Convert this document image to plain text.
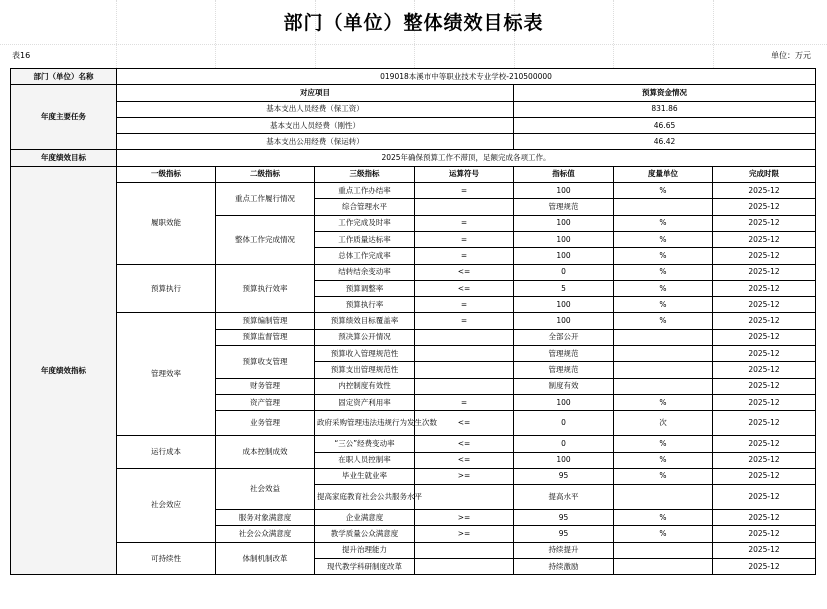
部门（单位）整体绩效目标表
表16	单位：万元
部门（单位）名称	019018本溪市中等职业技术专业学校-210500000						
年度主要任务	对应项目				预算资金情况		
	基本支出人员经费（保工资）				831.86		
	基本支出人员经费（刚性）				46.65		
	基本支出公用经费（保运转）				46.42		
年度绩效目标	2025年确保预算工作不滞顶，足额完成各项工作。						
年度绩效指标	一级指标	二级指标	三级指标	运算符号	指标值	度量单位	完成时限
	履职效能	重点工作履行情况	重点工作办结率	=	100	%	2025-12
			综合管理水平		管理规范		2025-12
		整体工作完成情况	工作完成及时率	=	100	%	2025-12
			工作质量达标率	=	100	%	2025-12
			总体工作完成率	=	100	%	2025-12
	预算执行	预算执行效率	结转结余变动率	<=	0	%	2025-12
			预算调整率	<=	5	%	2025-12
			预算执行率	=	100	%	2025-12
	管理效率	预算编制管理	预算绩效目标覆盖率	=	100	%	2025-12
		预算监督管理	预决算公开情况		全部公开		2025-12
		预算收支管理	预算收入管理规范性		管理规范		2025-12
			预算支出管理规范性		管理规范		2025-12
		财务管理	内控制度有效性		制度有效		2025-12
		资产管理	固定资产利用率	=	100	%	2025-12
		业务管理	政府采购管理违法违规行为发生次数	<=	0	次	2025-12
	运行成本	成本控制成效	“三公”经费变动率	<=	0	%	2025-12
			在职人员控制率	<=	100	%	2025-12
	社会效应	社会效益	毕业生就业率	>=	95	%	2025-12
			提高家庭教育社会公共服务水平		提高水平		2025-12
		服务对象满意度	企业满意度	>=	95	%	2025-12
		社会公众满意度	教学质量公众满意度	>=	95	%	2025-12
	可持续性	体制机制改革	提升治理能力		持续提升		2025-12
			现代教学科研制度改革		持续激励		2025-12
